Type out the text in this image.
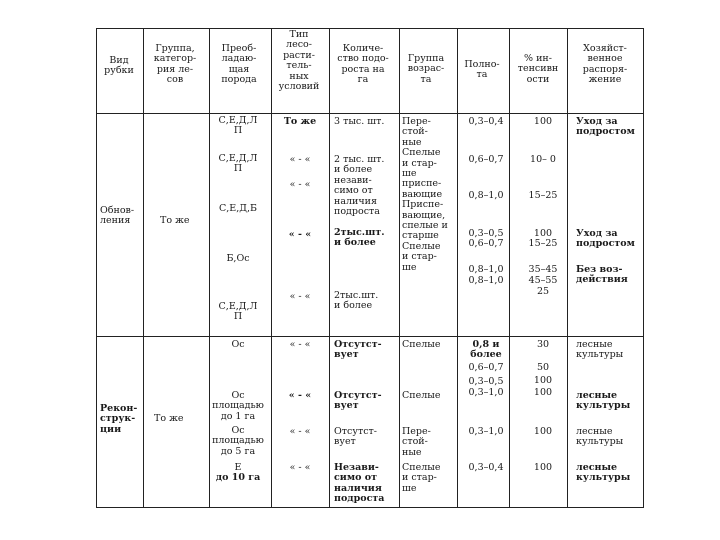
Вид
рубки
Группа,
категоp-
рия ле-
сов
Преоб-
ладаю-
щая
порода
Тип
лесо-
расти-
тель-
ных
условий
Количе-
ство подо-
роста на
га
Группа
возрас-
та
Полно-
та
% ин-
тенсивн
ости
Хозяйст-
венное
распоря-
жение
Обнов-
ления	То же
С,Е,Д,Л
П
С,Е,Д,Л
П
С,Е,Д,Б
Б,Ос
С,Е,Д,Л
П
То же
« - «
« - «
« - «
« - «
3 тыс. шт.
2 тыс. шт.
и более
незави-
симо от
наличия
подроста
2тыс.шт.
и более
2тыс.шт.
и более
Пере-
стой-
ные
Спелые
и стар-
ше
приспе-
вающие
Приспе-
вающие,
спелые и
старше
Спелые
и стар-
ше
0,3–0,4
0,6–0,7
0,8–1,0
0,3–0,5
0,6–0,7
0,8–1,0
0,8–1,0
100
10– 0
15–25
100
15–25
35–45
45–55
25
Уход за
подростом
Уход за
подростом
Без воз-
действия
Рекон-
струк-
ции
То же
Ос
Ос
площадью
до 1 га
Ос
площадью
до 5 га
Е
до 10 га
« - «
« - «
« - «
« - «
Отсутст-
вует
Отсутст-
вует
Отсутст-
вует
Незави-
симо от
наличия
подроста
Спелые
Спелые
Пере-
стой-
ные
Спелые
и стар-
ше
0,8 и
более
0,6–0,7
0,3–0,5
0,3–1,0
0,3–1,0
0,3–0,4
30
50
100
100
100
100
лесные
культуры
лесные
культуры
лесные
культуры
лесные
культуры
